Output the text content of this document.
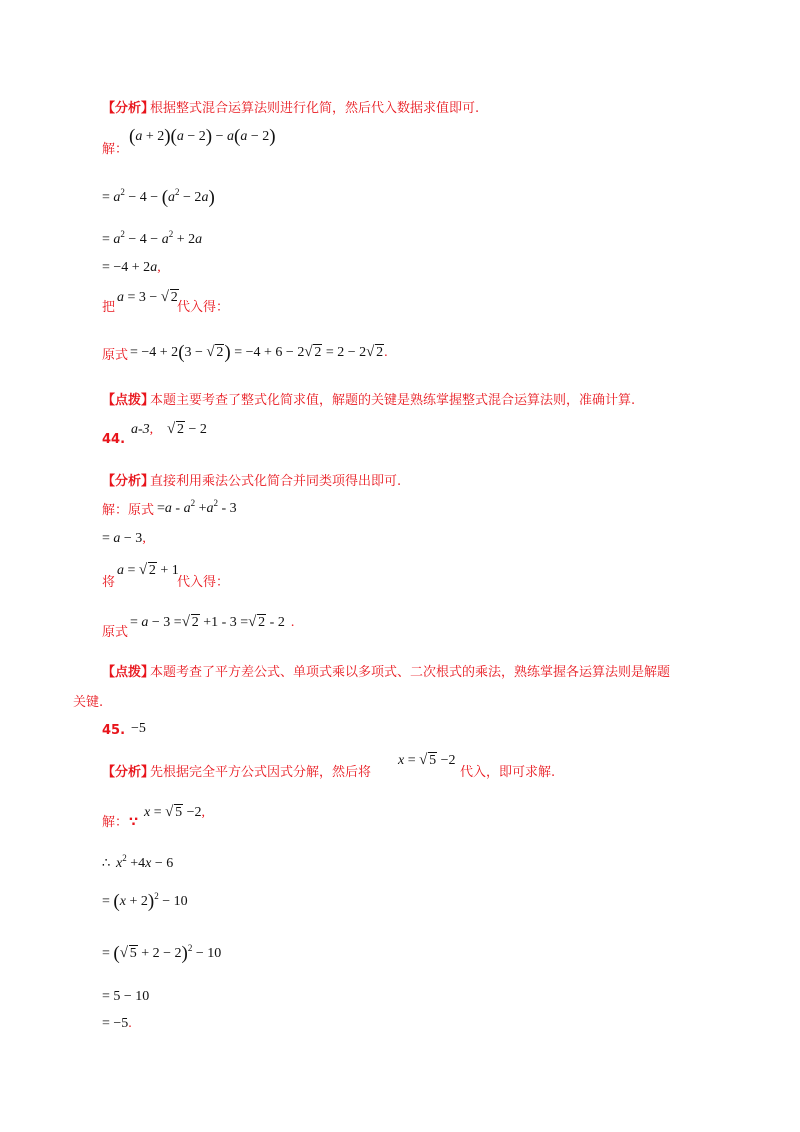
【分析】
根据整式混合运算法则进行化简，然后代入数据求值即可.
解：
(a + 2)(a − 2) − a(a − 2)
= $a^2 - 4 - (a^2 - 2a)$
= $a^2 - 4 - a^2 + 2a$
= −4 + 2a,
把
a = 3 − √ 2
代入得：
原式 = −4 + 2(3 − √ 2) = −4 + 6 − 2 √ 2 = 2 − 2 √ 2.
【点拨】
本题主要考查了整式化简求值，解题的关键是熟练掌握整式混合运算法则，准确计算.
44.
a-3,	√ 2 − 2
【分析】
直接利用乘法公式化简合并同类项得出即可.
解： 原式 $=a - a^2 +a^2 - 3$
= a − 3,
将
a = √ 2 + 1
代入得：
原式
= a − 3 = √ 2 +1 - 3 = √ 2 - 2 .
【点拨】
本题考查了平方差公式、单项式乘以多项式、二次根式的乘法，熟练掌握各运算法则是解题
关键.
45. −5
【分析】
先根据完全平方公式因式分解，然后将
x = √ 5 −2
代入，即可求解.
解： ∵
x = √ 5 −2,
∴ $x^2 +4x - 6$
= $(x + 2)^2 - 10$
= ( √ 5 + 2 − 2)$^2$ − 10
= 5 − 10
= −5.
